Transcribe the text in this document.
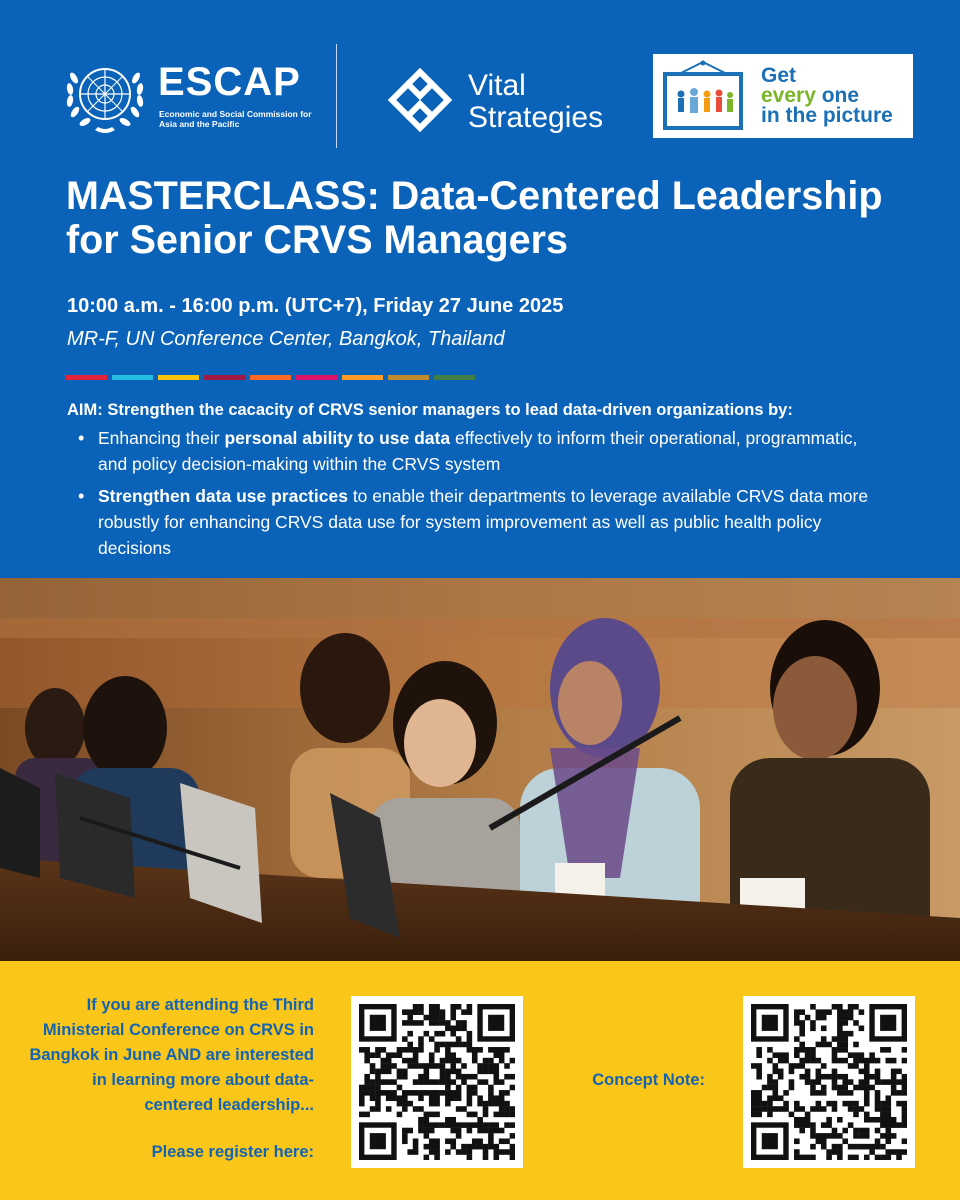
ESCAP
Economic and Social Commission for Asia and the Pacific
Vital
Strategies
Get
every one
in the picture
MASTERCLASS: Data-Centered Leadership for Senior CRVS Managers
10:00 a.m. - 16:00 p.m. (UTC+7), Friday 27 June 2025
MR-F, UN Conference Center, Bangkok, Thailand
AIM: Strengthen the cacacity of CRVS senior managers to lead data-driven organizations by:
• Enhancing their personal ability to use data effectively to inform their operational, programmatic, and policy decision-making within the CRVS system
• Strengthen data use practices to enable their departments to leverage available CRVS data more robustly for enhancing CRVS data use for system improvement as well as public health policy decisions
If you are attending the Third Ministerial Conference on CRVS in Bangkok in June AND are interested in learning more about data-centered leadership...
Please register here:
Concept Note:
